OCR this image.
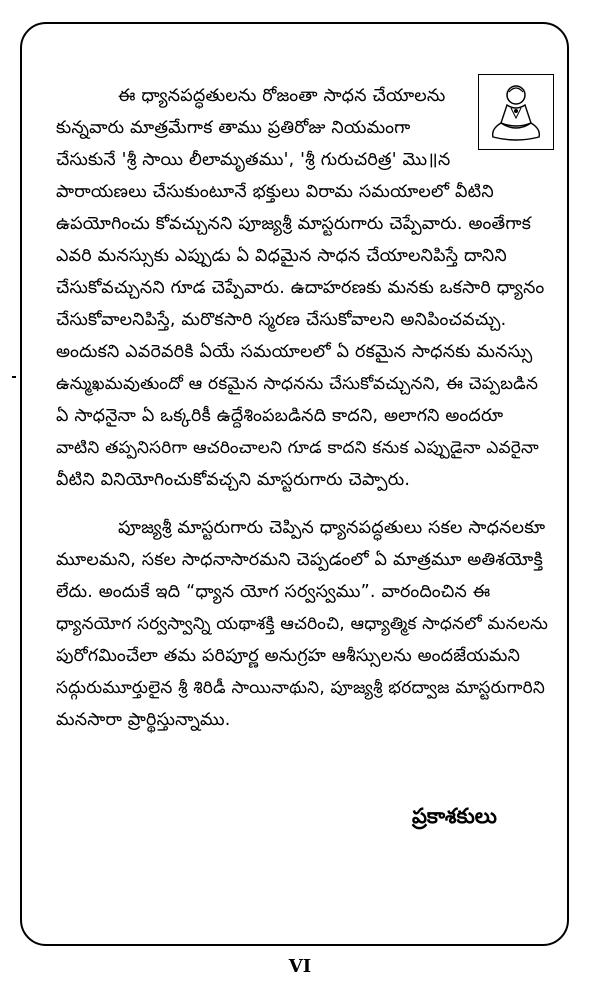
ఈ ధ్యానపద్ధతులను రోజంతా సాధన చేయాలను
కున్నవారు మాత్రమేగాక తాము ప్రతిరోజు నియమంగా
చేసుకునే 'శ్రీ సాయి లీలామృతము', 'శ్రీ గురుచరిత్ర' మొ॥న
పారాయణలు చేసుకుంటూనే భక్తులు విరామ సమయాలలో వీటిని
ఉపయోగించు కోవచ్చునని పూజ్యశ్రీ మాస్టరుగారు చెప్పేవారు. అంతేగాక
ఎవరి మనస్సుకు ఎప్పుడు ఏ విధమైన సాధన చేయాలనిపిస్తే దానిని
చేసుకోవచ్చునని గూడ చెప్పేవారు. ఉదాహరణకు మనకు ఒకసారి ధ్యానం
చేసుకోవాలనిపిస్తే, మరొకసారి స్మరణ చేసుకోవాలని అనిపించవచ్చు.
అందుకని ఎవరెవరికి ఏయే సమయాలలో ఏ రకమైన సాధనకు మనస్సు
ఉన్ముఖమవుతుందో ఆ రకమైన సాధనను చేసుకోవచ్చునని, ఈ చెప్పబడిన
ఏ సాధనైనా ఏ ఒక్కరికీ ఉద్దేశింపబడినది కాదని, అలాగని అందరూ
వాటిని తప్పనిసరిగా ఆచరించాలని గూడ కాదని కనుక ఎప్పుడైనా ఎవరైనా
వీటిని వినియోగించుకోవచ్చని మాస్టరుగారు చెప్పారు.
పూజ్యశ్రీ మాస్టరుగారు చెప్పిన ధ్యానపద్ధతులు సకల సాధనలకూ
మూలమని, సకల సాధనాసారమని చెప్పడంలో ఏ మాత్రమూ అతిశయోక్తి
లేదు. అందుకే ఇది “ధ్యాన యోగ సర్వస్వము”. వారందించిన ఈ
ధ్యానయోగ సర్వస్వాన్ని యథాశక్తి ఆచరించి, ఆధ్యాత్మిక సాధనలో మనలను
పురోగమించేలా తమ పరిపూర్ణ అనుగ్రహ ఆశీస్సులను అందజేయమని
సద్గురుమూర్తులైన శ్రీ శిరిడీ సాయినాథుని, పూజ్యశ్రీ భరద్వాజ మాస్టరుగారిని
మనసారా ప్రార్థిస్తున్నాము.
ప్రకాశకులు
VI
